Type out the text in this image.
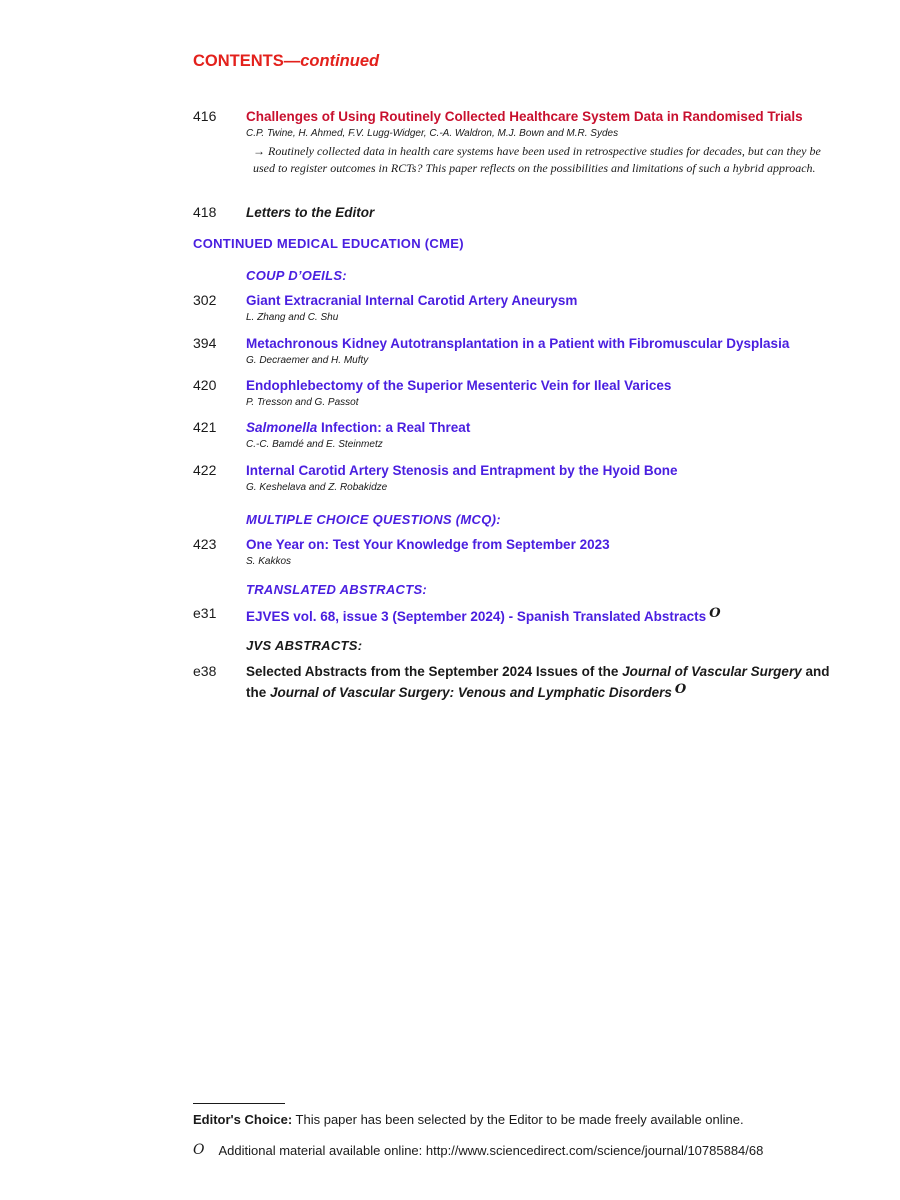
CONTENTS—continued
416 Challenges of Using Routinely Collected Healthcare System Data in Randomised Trials
C.P. Twine, H. Ahmed, F.V. Lugg-Widger, C.-A. Waldron, M.J. Bown and M.R. Sydes
→ Routinely collected data in health care systems have been used in retrospective studies for decades, but can they be used to register outcomes in RCTs? This paper reflects on the possibilities and limitations of such a hybrid approach.
418 Letters to the Editor
CONTINUED MEDICAL EDUCATION (CME)
COUP D’OEILS:
302 Giant Extracranial Internal Carotid Artery Aneurysm
L. Zhang and C. Shu
394 Metachronous Kidney Autotransplantation in a Patient with Fibromuscular Dysplasia
G. Decraemer and H. Mufty
420 Endophlebectomy of the Superior Mesenteric Vein for Ileal Varices
P. Tresson and G. Passot
421 Salmonella Infection: a Real Threat
C.-C. Bamdé and E. Steinmetz
422 Internal Carotid Artery Stenosis and Entrapment by the Hyoid Bone
G. Keshelava and Z. Robakidze
MULTIPLE CHOICE QUESTIONS (MCQ):
423 One Year on: Test Your Knowledge from September 2023
S. Kakkos
TRANSLATED ABSTRACTS:
e31 EJVES vol. 68, issue 3 (September 2024) - Spanish Translated Abstracts O
JVS ABSTRACTS:
e38 Selected Abstracts from the September 2024 Issues of the Journal of Vascular Surgery and the Journal of Vascular Surgery: Venous and Lymphatic Disorders O
Editor's Choice: This paper has been selected by the Editor to be made freely available online.
O Additional material available online: http://www.sciencedirect.com/science/journal/10785884/68
